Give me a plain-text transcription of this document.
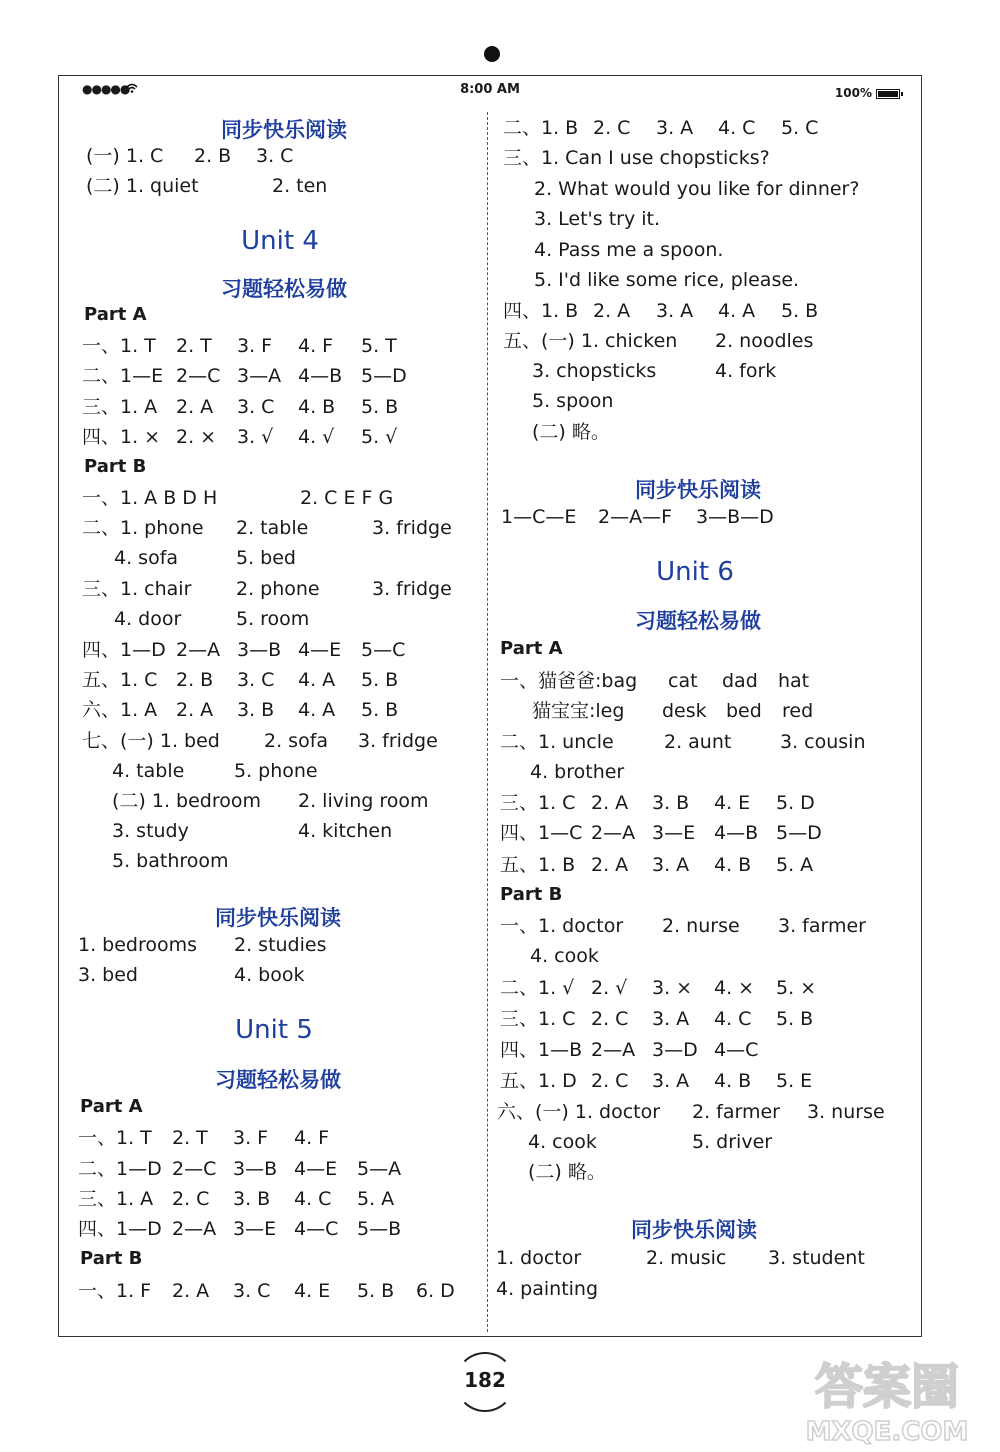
●●●●●	8:00 AM	100%
同步快乐阅读
(一) 1. C 2. B 3. C
(二) 1. quiet	2. ten
Unit 4
习题轻松易做
Part A
一、1. T 2. T 3. F 4. F 5. T
二、1—E 2—C 3—A 4—B 5—D
三、1. A 2. A 3. C 4. B 5. B
四、1. × 2. × 3. √ 4. √ 5. √
Part B
一、1. A B D H	2. C E F G
二、1. phone 2. table	3. fridge
4. sofa	5. bed
三、1. chair 2. phone	3. fridge
4. door	5. room
四、1—D 2—A 3—B 4—E 5—C
五、1. C 2. B 3. C 4. A 5. B
六、1. A 2. A 3. B 4. A 5. B
七、(一) 1. bed 2. sofa 3. fridge
4. table	5. phone
(二) 1. bedroom 2. living room
3. study	4. kitchen
5. bathroom
同步快乐阅读
1. bedrooms 2. studies
3. bed	4. book
Unit 5
习题轻松易做
Part A
一、1. T 2. T 3. F 4. F
二、1—D 2—C 3—B 4—E 5—A
三、1. A 2. C 3. B 4. C 5. A
四、1—D 2—A 3—E 4—C 5—B
Part B
一、1. F 2. A 3. C 4. E 5. B 6. D
二、1. B 2. C 3. A 4. C 5. C
三、1. Can I use chopsticks?
2. What would you like for dinner?
3. Let's try it.
4. Pass me a spoon.
5. I'd like some rice, please.
四、1. B 2. A 3. A 4. A 5. B
五、(一) 1. chicken 2. noodles
3. chopsticks	4. fork
5. spoon
(二) 略。
同步快乐阅读
1—C—E 2—A—F 3—B—D
Unit 6
习题轻松易做
Part A
一、猫爸爸:bag cat dad hat
猫宝宝:leg desk bed red
二、1. uncle	2. aunt	3. cousin
4. brother
三、1. C 2. A 3. B 4. E 5. D
四、1—C 2—A 3—E 4—B 5—D
五、1. B 2. A 3. A 4. B 5. A
Part B
一、1. doctor 2. nurse 3. farmer
4. cook
二、1. √ 2. √ 3. × 4. × 5. ×
三、1. C 2. C 3. A 4. C 5. B
四、1—B 2—A 3—D 4—C
五、1. D 2. C 3. A 4. B 5. E
六、(一) 1. doctor 2. farmer 3. nurse
4. cook	5. driver
(二) 略。
同步快乐阅读
1. doctor	2. music 3. student
4. painting
182	答案圈
MXQE.COM
